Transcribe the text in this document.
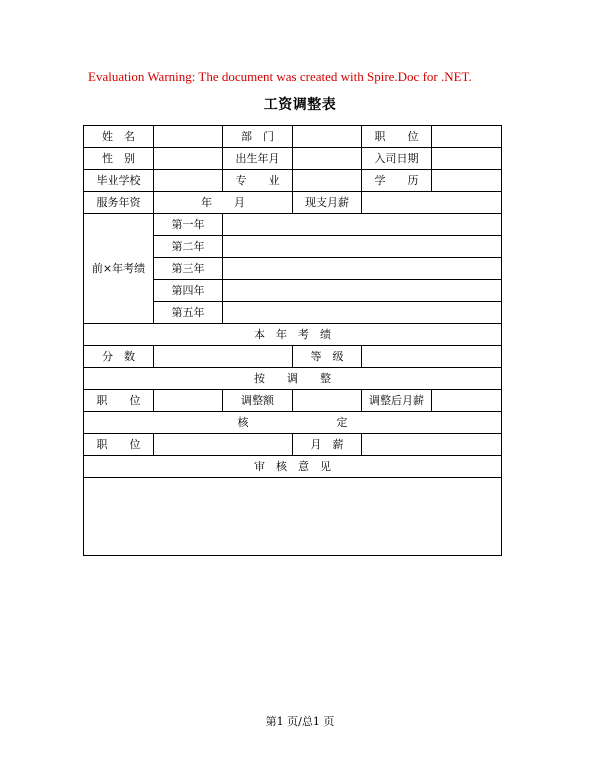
Evaluation Warning: The document was created with Spire.Doc for .NET.
工资调整表
姓　名		部　门		职　　位	
性　别		出生年月		入司日期	
毕业学校		专　　业		学　　历	
服务年资	年　　月		现支月薪		
前×年考绩	第一年				
	第二年				
	第三年				
	第四年				
	第五年				
本　年　考　绩					
分　数			等　级		
按　　调　　整					
职　　位		调整额		调整后月薪	
核　　　　　　　　定					
职　　位			月　薪		
审　核　意　见					

第1 页/总1 页
